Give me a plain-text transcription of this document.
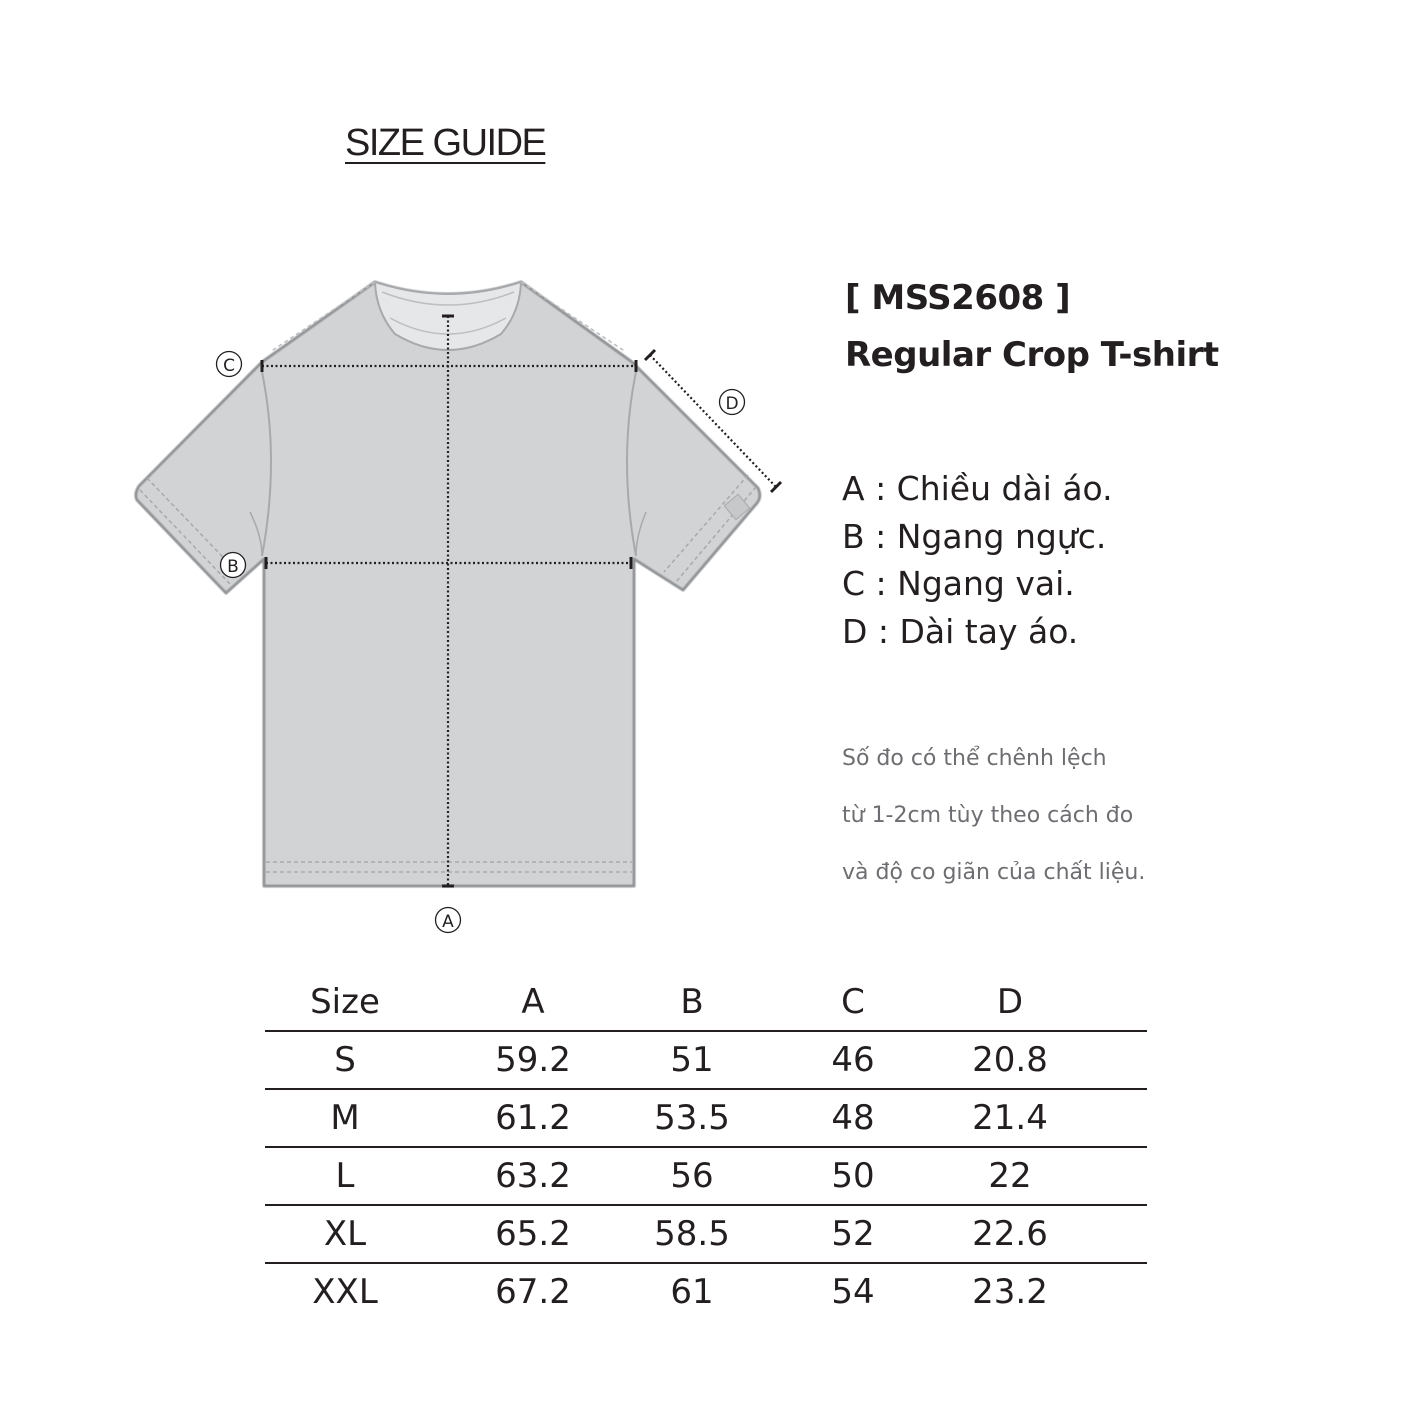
SIZE GUIDE
C
D
B
A
[ MSS2608 ]
Regular Crop T-shirt
A : Chiều dài áo.
B : Ngang ngực.
C : Ngang vai.
D : Dài tay áo.
Số đo có thể chênh lệch
từ 1-2cm tùy theo cách đo
và độ co giãn của chất liệu.
Size	A	B	C	D	
S	59.2	51	46	20.8	
M	61.2	53.5	48	21.4	
L	63.2	56	50	22	
XL	65.2	58.5	52	22.6	
XXL	67.2	61	54	23.2	
